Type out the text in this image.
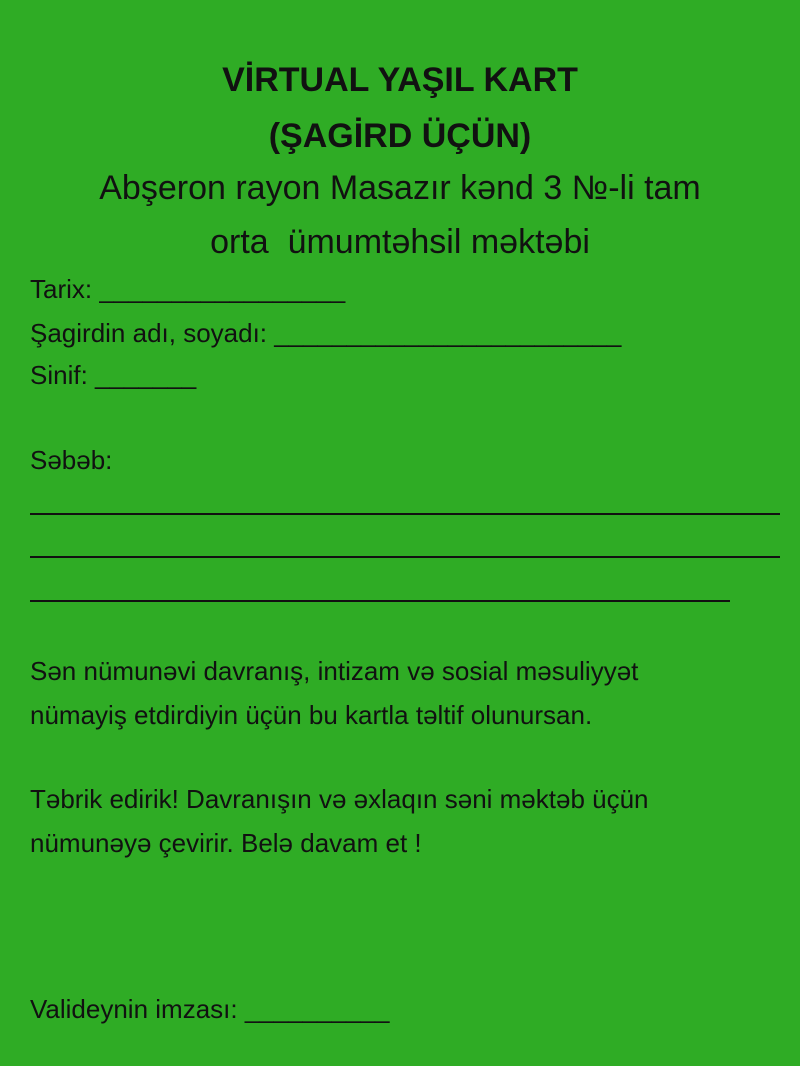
VİRTUAL YAŞIL KART
(ŞAGİRD ÜÇÜN)
Abşeron rayon Masazır kənd 3 №-li tam
orta  ümumtəhsil məktəbi
Tarix: _________________
Şagirdin adı, soyadı: ________________________
Sinif: _______
Səbəb:
Sən nümunəvi davranış, intizam və sosial məsuliyyət
nümayiş etdirdiyin üçün bu kartla təltif olunursan.
Təbrik edirik! Davranışın və əxlaqın səni məktəb üçün
nümunəyə çevirir. Belə davam et !
Valideynin imzası: __________
